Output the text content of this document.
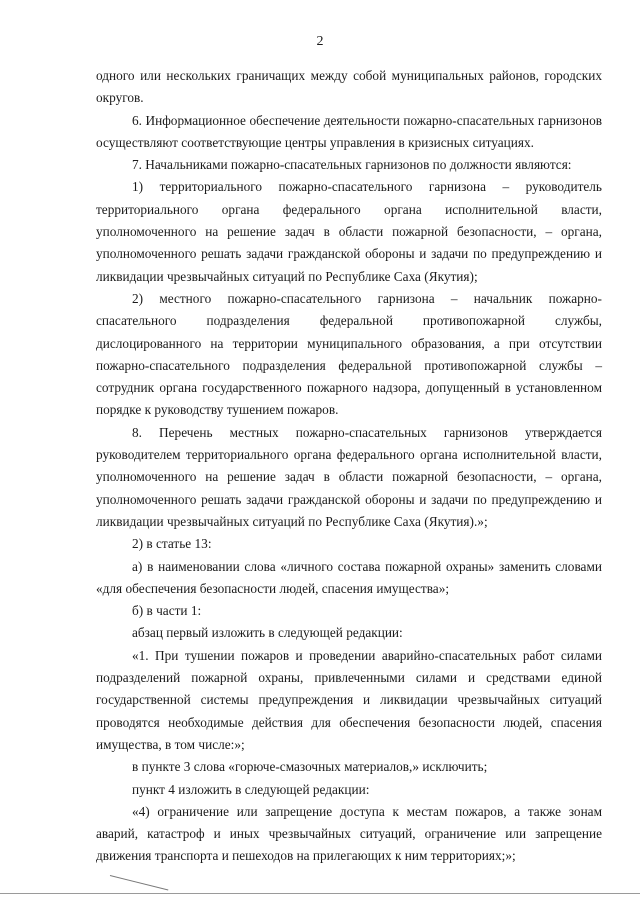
2

одного или нескольких граничащих между собой муниципальных районов, городских округов.

6. Информационное обеспечение деятельности пожарно-спасательных гарнизонов осуществляют соответствующие центры управления в кризисных ситуациях.

7. Начальниками пожарно-спасательных гарнизонов по должности являются:

1) территориального пожарно-спасательного гарнизона – руководитель территориального органа федерального органа исполнительной власти, уполномоченного на решение задач в области пожарной безопасности, – органа, уполномоченного решать задачи гражданской обороны и задачи по предупреждению и ликвидации чрезвычайных ситуаций по Республике Саха (Якутия);

2) местного пожарно-спасательного гарнизона – начальник пожарно-спасательного подразделения федеральной противопожарной службы, дислоцированного на территории муниципального образования, а при отсутствии пожарно-спасательного подразделения федеральной противопожарной службы – сотрудник органа государственного пожарного надзора, допущенный в установленном порядке к руководству тушением пожаров.

8. Перечень местных пожарно-спасательных гарнизонов утверждается руководителем территориального органа федерального органа исполнительной власти, уполномоченного на решение задач в области пожарной безопасности, – органа, уполномоченного решать задачи гражданской обороны и задачи по предупреждению и ликвидации чрезвычайных ситуаций по Республике Саха (Якутия).»;

2) в статье 13:

а) в наименовании слова «личного состава пожарной охраны» заменить словами «для обеспечения безопасности людей, спасения имущества»;

б) в части 1:

абзац первый изложить в следующей редакции:

«1. При тушении пожаров и проведении аварийно-спасательных работ силами подразделений пожарной охраны, привлеченными силами и средствами единой государственной системы предупреждения и ликвидации чрезвычайных ситуаций проводятся необходимые действия для обеспечения безопасности людей, спасения имущества, в том числе:»;

в пункте 3 слова «горюче-смазочных материалов,» исключить;

пункт 4 изложить в следующей редакции:

«4) ограничение или запрещение доступа к местам пожаров, а также зонам аварий, катастроф и иных чрезвычайных ситуаций, ограничение или запрещение движения транспорта и пешеходов на прилегающих к ним территориях;»;
